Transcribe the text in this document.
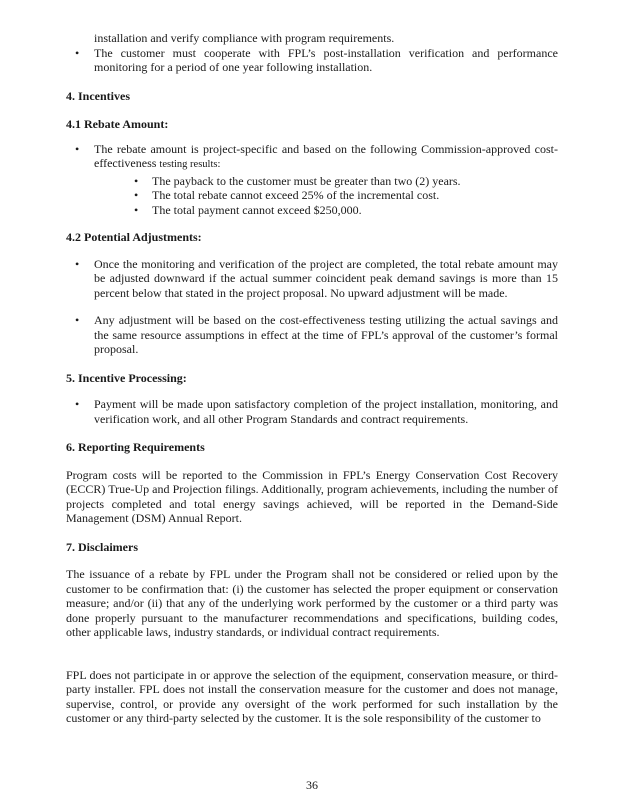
installation and verify compliance with program requirements.

• The customer must cooperate with FPL’s post-installation verification and performance monitoring for a period of one year following installation.

4. Incentives

4.1 Rebate Amount:

• The rebate amount is project-specific and based on the following Commission-approved cost-effectiveness testing results:
• The payback to the customer must be greater than two (2) years.
• The total rebate cannot exceed 25% of the incremental cost.
• The total payment cannot exceed $250,000.

4.2 Potential Adjustments:

• Once the monitoring and verification of the project are completed, the total rebate amount may be adjusted downward if the actual summer coincident peak demand savings is more than 15 percent below that stated in the project proposal. No upward adjustment will be made.
• Any adjustment will be based on the cost-effectiveness testing utilizing the actual savings and the same resource assumptions in effect at the time of FPL’s approval of the customer’s formal proposal.

5. Incentive Processing:

• Payment will be made upon satisfactory completion of the project installation, monitoring, and verification work, and all other Program Standards and contract requirements.

6. Reporting Requirements

Program costs will be reported to the Commission in FPL’s Energy Conservation Cost Recovery (ECCR) True-Up and Projection filings. Additionally, program achievements, including the number of projects completed and total energy savings achieved, will be reported in the Demand-Side Management (DSM) Annual Report.

7. Disclaimers

The issuance of a rebate by FPL under the Program shall not be considered or relied upon by the customer to be confirmation that: (i) the customer has selected the proper equipment or conservation measure; and/or (ii) that any of the underlying work performed by the customer or a third party was done properly pursuant to the manufacturer recommendations and specifications, building codes, other applicable laws, industry standards, or individual contract requirements.

FPL does not participate in or approve the selection of the equipment, conservation measure, or third-party installer. FPL does not install the conservation measure for the customer and does not manage, supervise, control, or provide any oversight of the work performed for such installation by the customer or any third-party selected by the customer. It is the sole responsibility of the customer to

36
